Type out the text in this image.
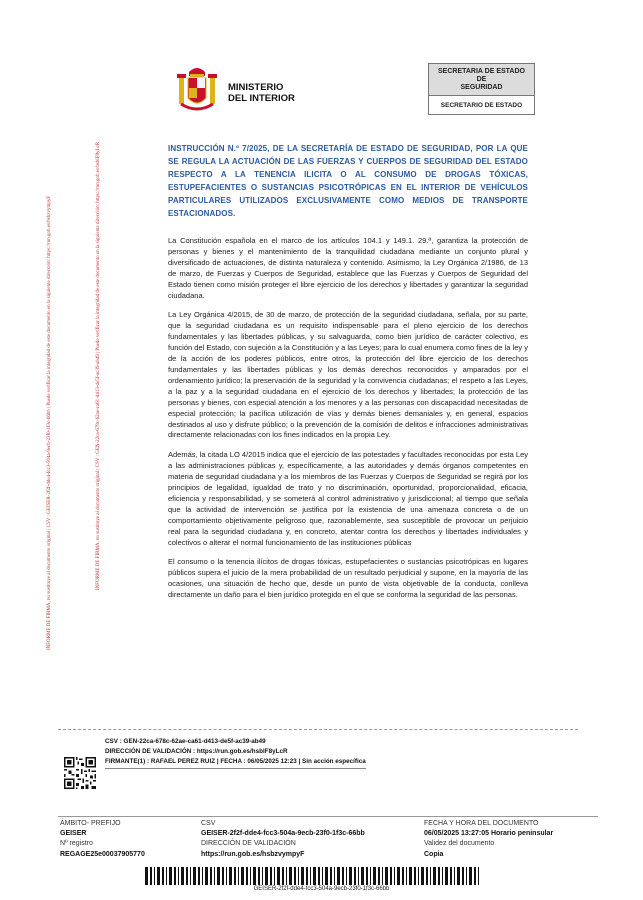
INFORME DE FIRMA, no sustituye al documento original | CSV : GEISER-2f2f-dde4-fcc3-504a-9ecb-23f0-1f3c-66bb | Puede verificar la integridad de este documento en la siguiente dirección: https://run.gob.es/hsbzvympyF	INFORME DE FIRMA, no sustituye al documento original | CSV : GEN-22ca-678c-62ae-ca61-d413-de5f-ac39-ab49 | Puede verificar la integridad de este documento en la siguiente dirección: https://run.gob.es/hsblF8yLcR
MINISTERIO
DEL INTERIOR
SECRETARIA DE ESTADO DE
SEGURIDAD
SECRETARIO DE ESTADO
INSTRUCCIÓN N.º 7/2025, DE LA SECRETARÍA DE ESTADO DE SEGURIDAD, POR LA QUE SE REGULA LA ACTUACIÓN DE LAS FUERZAS Y CUERPOS DE SEGURIDAD DEL ESTADO RESPECTO A LA TENENCIA ILICITA O AL CONSUMO DE DROGAS TÓXICAS, ESTUPEFACIENTES O SUSTANCIAS PSICOTRÓPICAS EN EL INTERIOR DE VEHÍCULOS PARTICULARES UTILIZADOS EXCLUSIVAMENTE COMO MEDIOS DE TRANSPORTE ESTACIONADOS.

La Constitución española en el marco de los artículos 104.1 y 149.1. 29.ª, garantiza la protección de personas y bienes y el mantenimiento de la tranquilidad ciudadana mediante un conjunto plural y diversificado de actuaciones, de distinta naturaleza y contenido. Asimismo, la Ley Orgánica 2/1986, de 13 de marzo, de Fuerzas y Cuerpos de Seguridad, establece que las Fuerzas y Cuerpos de Seguridad del Estado tienen como misión proteger el libre ejercicio de los derechos y libertades y garantizar la seguridad ciudadana.

La Ley Orgánica 4/2015, de 30 de marzo, de protección de la seguridad ciudadana, señala, por su parte, que la seguridad ciudadana es un requisito indispensable para el pleno ejercicio de los derechos fundamentales y las libertades públicas, y su salvaguarda, como bien jurídico de carácter colectivo, es función del Estado, con sujeción a la Constitución y a las Leyes; para lo cual enumera como fines de la ley y de la acción de los poderes públicos, entre otros, la protección del libre ejercicio de los derechos fundamentales y las libertades públicas y los demás derechos reconocidos y amparados por el ordenamiento jurídico; la preservación de la seguridad y la convivencia ciudadanas; el respeto a las Leyes, a la paz y a la seguridad ciudadana en el ejercicio de los derechos y libertades; la protección de las personas y bienes, con especial atención a los menores y a las personas con discapacidad necesitadas de especial protección; la pacífica utilización de vías y demás bienes demaniales y, en general, espacios destinados al uso y disfrute público; o la prevención de la comisión de delitos e infracciones administrativas directamente relacionadas con los fines indicados en la propia Ley.

Además, la citada LO 4/2015 indica que el ejercicio de las potestades y facultades reconocidas por esta Ley a las administraciones públicas y, específicamente, a las autoridades y demás órganos competentes en materia de seguridad ciudadana y a los miembros de las Fuerzas y Cuerpos de Seguridad se regirá por los principios de legalidad, igualdad de trato y no discriminación, oportunidad, proporcionalidad, eficacia, eficiencia y responsabilidad, y se someterá al control administrativo y jurisdiccional; al tiempo que señala que la actividad de intervención se justifica por la existencia de una amenaza concreta o de un comportamiento objetivamente peligroso que, razonablemente, sea susceptible de provocar un perjuicio real para la seguridad ciudadana y, en concreto, atentar contra los derechos y libertades individuales y colectivos o alterar el normal funcionamiento de las instituciones públicas

El consumo o la tenencia ilícitos de drogas tóxicas, estupefacientes o sustancias psicotrópicas en lugares públicos supera el juicio de la mera probabilidad de un resultado perjudicial y supone, en la mayoría de las ocasiones, una situación de hecho que, desde un punto de vista objetivable de la conducta, conlleva directamente un daño para el bien jurídico protegido en el que se conforma la seguridad de las personas.

CSV : GEN-22ca-678c-62ae-ca61-d413-de5f-ac39-ab49
DIRECCIÓN DE VALIDACIÓN : https://run.gob.es/hsblF8yLcR
FIRMANTE(1) : RAFAEL PEREZ RUIZ | FECHA : 06/05/2025 12:23 | Sin acción específica
ÁMBITO- PREFIJO
GEISER
Nº registro
REGAGE25e00037905770
CSV
GEISER-2f2f-dde4-fcc3-504a-9ecb-23f0-1f3c-66bb
DIRECCIÓN DE VALIDACIÓN
https://run.gob.es/hsbzvympyF
FECHA Y HORA DEL DOCUMENTO
06/05/2025 13:27:05 Horario peninsular
Validez del documento
Copia
GEISER-2f2f-dde4-fcc3-504a-9ecb-23f0-1f3c-66bb
